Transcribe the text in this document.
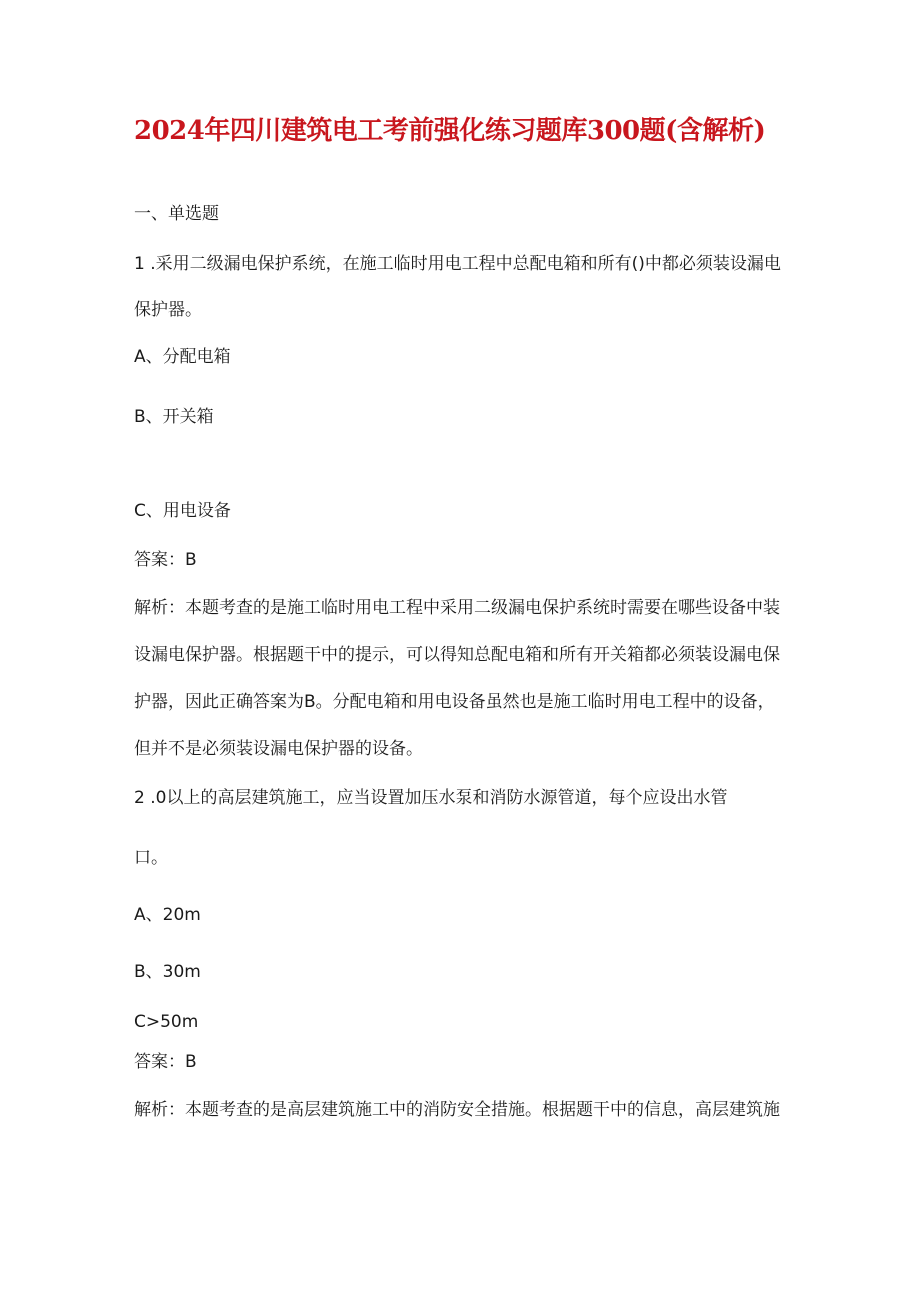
2024年四川建筑电工考前强化练习题库300题(含解析)
一、单选题
1 .采用二级漏电保护系统，在施工临时用电工程中总配电箱和所有()中都必须装设漏电
保护器。
A、分配电箱
B、开关箱
C、用电设备
答案：B
解析：本题考查的是施工临时用电工程中采用二级漏电保护系统时需要在哪些设备中装
设漏电保护器。根据题干中的提示，可以得知总配电箱和所有开关箱都必须装设漏电保
护器，因此正确答案为B。分配电箱和用电设备虽然也是施工临时用电工程中的设备，
但并不是必须装设漏电保护器的设备。
2 .0以上的高层建筑施工，应当设置加压水泵和消防水源管道，每个应设出水管
口。
A、20m
B、30m
C>50m
答案：B
解析：本题考查的是高层建筑施工中的消防安全措施。根据题干中的信息，高层建筑施
